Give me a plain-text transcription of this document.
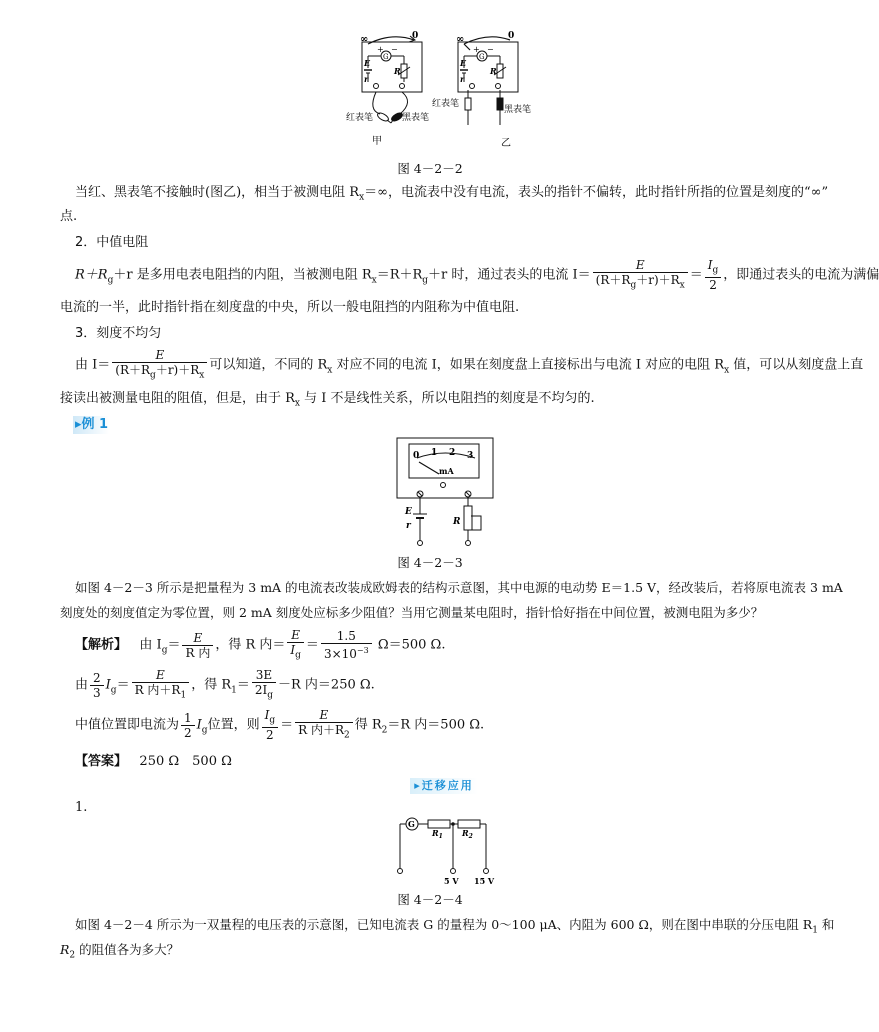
∞	0
+ −
G
E
r
R
红表笔	黑表笔
甲
∞	0
+ −
G
E
r
R
红表笔
黑表笔
乙
图 4－2－2
当红、黑表笔不接触时(图乙)，相当于被测电阻 $R_x=\infty$，电流表中没有电流，表头的指针不偏转，此时指针所指的位置是刻度的“∞”
点.
2．中值电阻
$R+R_g+r$ 是多用电表电阻挡的内阻，当被测电阻 $R_x=R+R_g+r$ 时，通过表头的电流 $I= \frac{E}{(R+R_g+r)+R_x} = \frac{I_g}{2}$ ，即通过表头的电流为满偏
电流的一半，此时指针指在刻度盘的中央，所以一般电阻挡的内阻称为中值电阻.
3．刻度不均匀
由 $I= \frac{E}{(R+R_g+r)+R_x}$ 可以知道，不同的 $R_x$ 对应不同的电流 I，如果在刻度盘上直接标出与电流 I 对应的电阻 $R_x$ 值，可以从刻度盘上直
接读出被测量电阻的阻值，但是，由于 $R_x$ 与 I 不是线性关系，所以电阻挡的刻度是不均匀的.
▸例 1
0 1 2 3
mA
E
r	R
图 4－2－3
如图 4－2－3 所示是把量程为 3 mA 的电流表改装成欧姆表的结构示意图，其中电源的电动势 E＝1.5 V，经改装后，若将原电流表 3 mA
刻度处的刻度值定为零位置，则 2 mA 刻度处应标多少阻值？当用它测量某电阻时，指针恰好指在中间位置，被测电阻为多少？
【解析】 由 $I_g= \frac{E}{\text{R 内}}$ ，得 R 内＝ $\frac{E}{I_g} = \frac{1.5}{3\times 10^{-3}} \Omega=500$ Ω.
由 $\frac{2}{3} I_g= \frac{E}{R 内+R_1}$ ，得 $R_1= \frac{3E}{2I_g} -R$ 内＝250 Ω.
中值位置即电流为 $\frac{1}{2} I_g$位置，则 $\frac{I_g}{2} = \frac{E}{R 内+R_2}$ 得 $R_2=R$ 内＝500 Ω.
【答案】 250 Ω　500 Ω
▸迁移应用
1.
G
$R_1$ $R_2$
5 V 15 V
图 4－2－4
如图 4－2－4 所示为一双量程的电压表的示意图，已知电流表 G 的量程为 0～100 μA、内阻为 600 Ω，则在图中串联的分压电阻 $R_1$ 和
$R_2$ 的阻值各为多大？
